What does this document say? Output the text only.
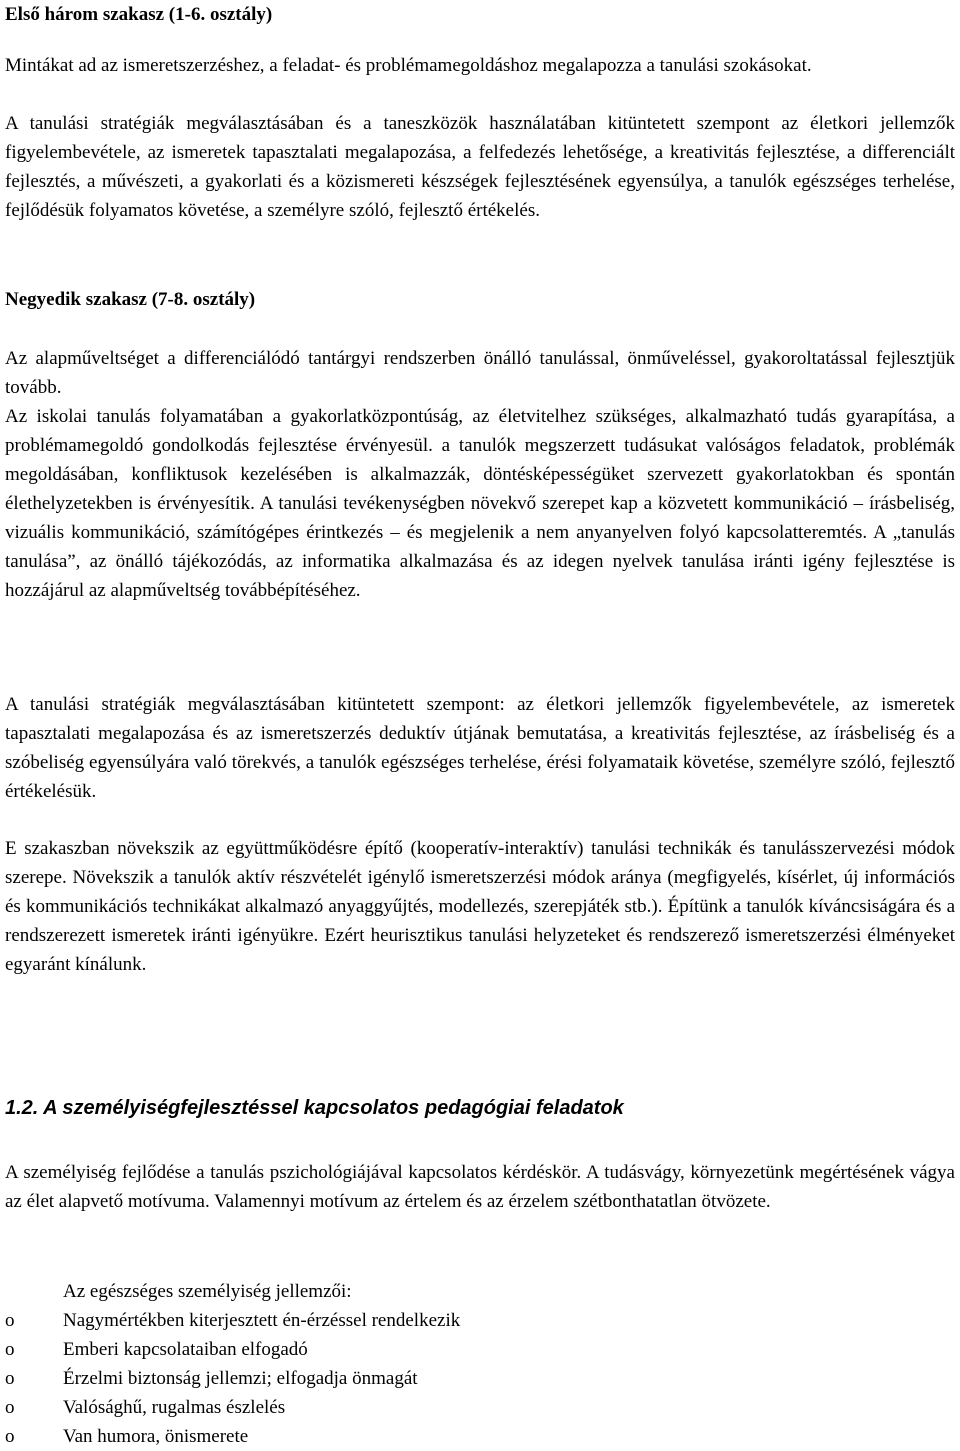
Első három szakasz (1-6. osztály)

Mintákat ad az ismeretszerzéshez, a feladat- és problémamegoldáshoz megalapozza a tanulási szokásokat.

A tanulási stratégiák megválasztásában és a taneszközök használatában kitüntetett szempont az életkori jellemzők figyelembevétele, az ismeretek tapasztalati megalapozása, a felfedezés lehetősége, a kreativitás fejlesztése, a differenciált fejlesztés, a művészeti, a gyakorlati és a közismereti készségek fejlesztésének egyensúlya, a tanulók egészséges terhelése, fejlődésük folyamatos követése, a személyre szóló, fejlesztő értékelés.

Negyedik szakasz (7-8. osztály)

Az alapműveltséget a differenciálódó tantárgyi rendszerben önálló tanulással, önműveléssel, gyakoroltatással fejlesztjük tovább.

Az iskolai tanulás folyamatában a gyakorlatközpontúság, az életvitelhez szükséges, alkalmazható tudás gyarapítása, a problémamegoldó gondolkodás fejlesztése érvényesül. a tanulók megszerzett tudásukat valóságos feladatok, problémák megoldásában, konfliktusok kezelésében is alkalmazzák, döntésképességüket szervezett gyakorlatokban és spontán élethelyzetekben is érvényesítik. A tanulási tevékenységben növekvő szerepet kap a közvetett kommunikáció – írásbeliség, vizuális kommunikáció, számítógépes érintkezés – és megjelenik a nem anyanyelven folyó kapcsolatteremtés. A „tanulás tanulása”, az önálló tájékozódás, az informatika alkalmazása és az idegen nyelvek tanulása iránti igény fejlesztése is hozzájárul az alapműveltség továbbépítéséhez.

A tanulási stratégiák megválasztásában kitüntetett szempont: az életkori jellemzők figyelembevétele, az ismeretek tapasztalati megalapozása és az ismeretszerzés deduktív útjának bemutatása, a kreativitás fejlesztése, az írásbeliség és a szóbeliség egyensúlyára való törekvés, a tanulók egészséges terhelése, érési folyamataik követése, személyre szóló, fejlesztő értékelésük.

E szakaszban növekszik az együttműködésre építő (kooperatív-interaktív) tanulási technikák és tanulásszervezési módok szerepe. Növekszik a tanulók aktív részvételét igénylő ismeretszerzési módok aránya (megfigyelés, kísérlet, új információs és kommunikációs technikákat alkalmazó anyaggyűjtés, modellezés, szerepjáték stb.). Építünk a tanulók kíváncsiságára és a rendszerezett ismeretek iránti igényükre. Ezért heurisztikus tanulási helyzeteket és rendszerező ismeretszerzési élményeket egyaránt kínálunk.

1.2. A személyiségfejlesztéssel kapcsolatos pedagógiai feladatok

A személyiség fejlődése a tanulás pszichológiájával kapcsolatos kérdéskör. A tudásvágy, környezetünk megértésének vágya az élet alapvető motívuma. Valamennyi motívum az értelem és az érzelem szétbonthatatlan ötvözete.

Az egészséges személyiség jellemzői:
o	Nagymértékben kiterjesztett én-érzéssel rendelkezik
o	Emberi kapcsolataiban elfogadó
o	Érzelmi biztonság jellemzi; elfogadja önmagát
o	Valósághű, rugalmas észlelés
o	Van humora, önismerete
